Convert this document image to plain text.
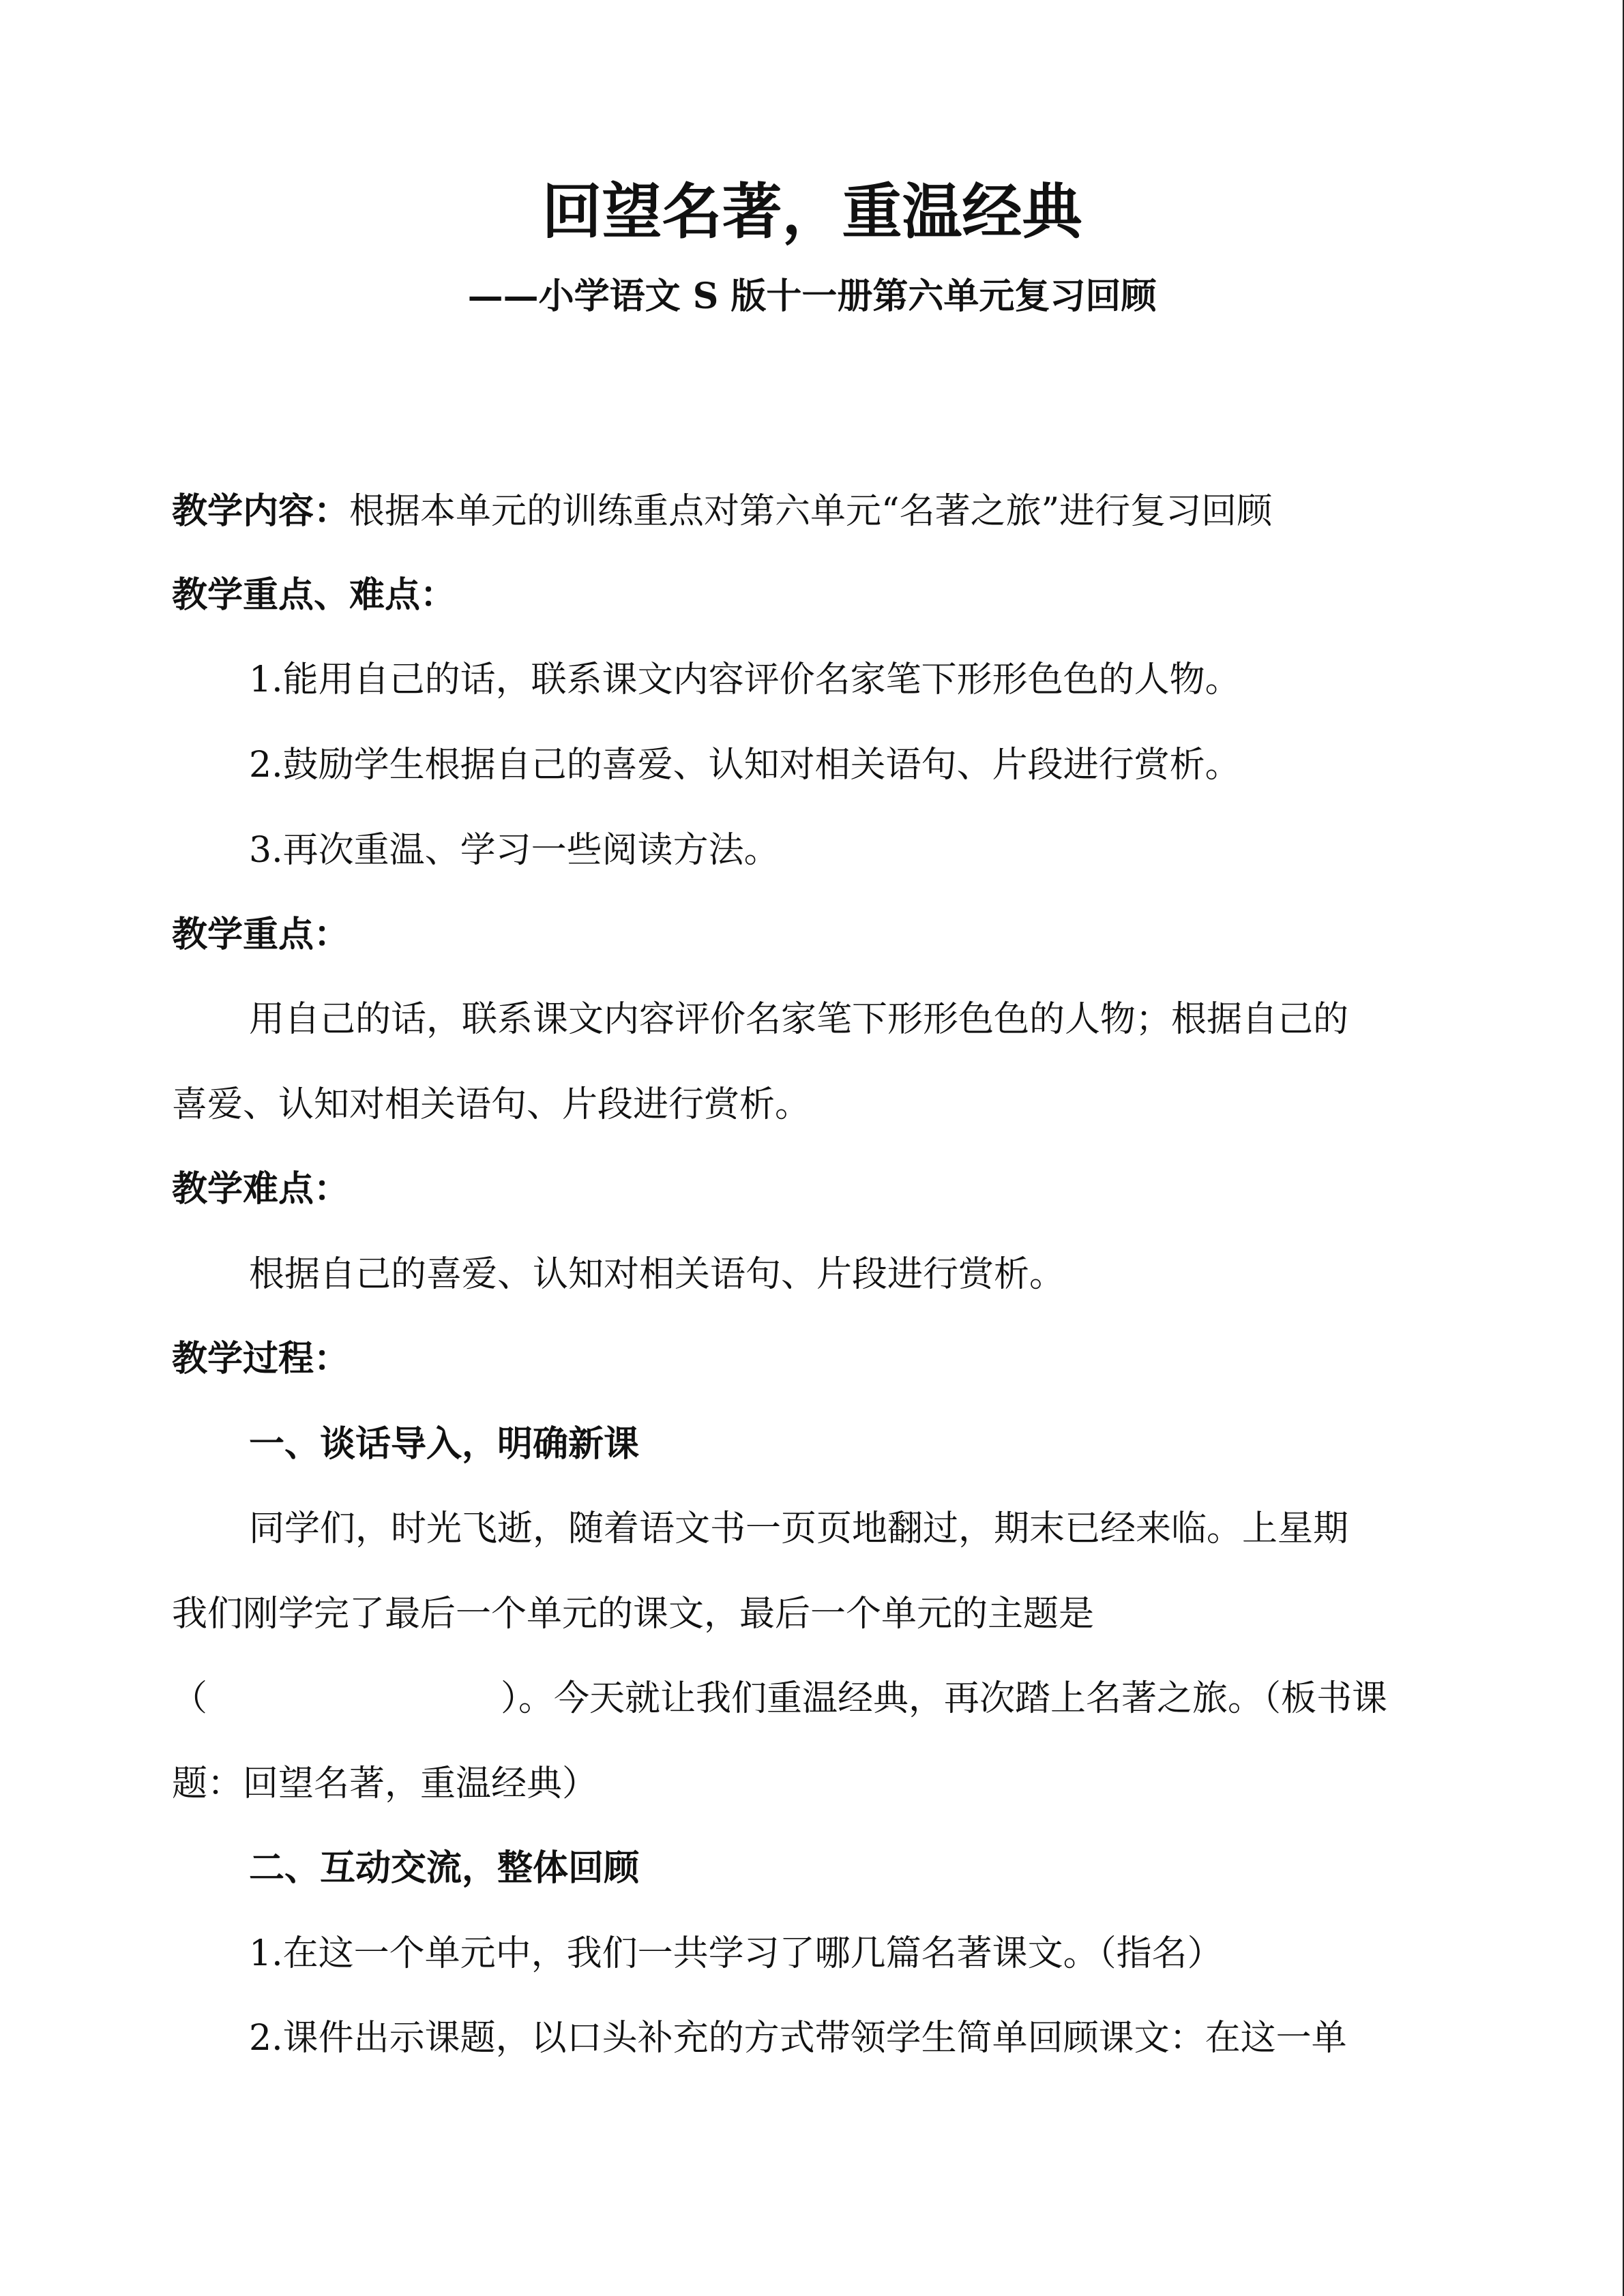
回望名著，重温经典
——小学语文 S 版十一册第六单元复习回顾
教学内容：根据本单元的训练重点对第六单元“名著之旅”进行复习回顾
教学重点、难点：
1.能用自己的话，联系课文内容评价名家笔下形形色色的人物。
2.鼓励学生根据自己的喜爱、认知对相关语句、片段进行赏析。
3.再次重温、学习一些阅读方法。
教学重点：
用自己的话，联系课文内容评价名家笔下形形色色的人物；根据自己的
喜爱、认知对相关语句、片段进行赏析。
教学难点：
根据自己的喜爱、认知对相关语句、片段进行赏析。
教学过程：
一、谈话导入，明确新课
同学们，时光飞逝，随着语文书一页页地翻过，期末已经来临。上星期
我们刚学完了最后一个单元的课文，最后一个单元的主题是
（	）。今天就让我们重温经典，再次踏上名著之旅。（板书课
题：回望名著，重温经典）
二、互动交流，整体回顾
1.在这一个单元中，我们一共学习了哪几篇名著课文。（指名）
2.课件出示课题，以口头补充的方式带领学生简单回顾课文：在这一单
